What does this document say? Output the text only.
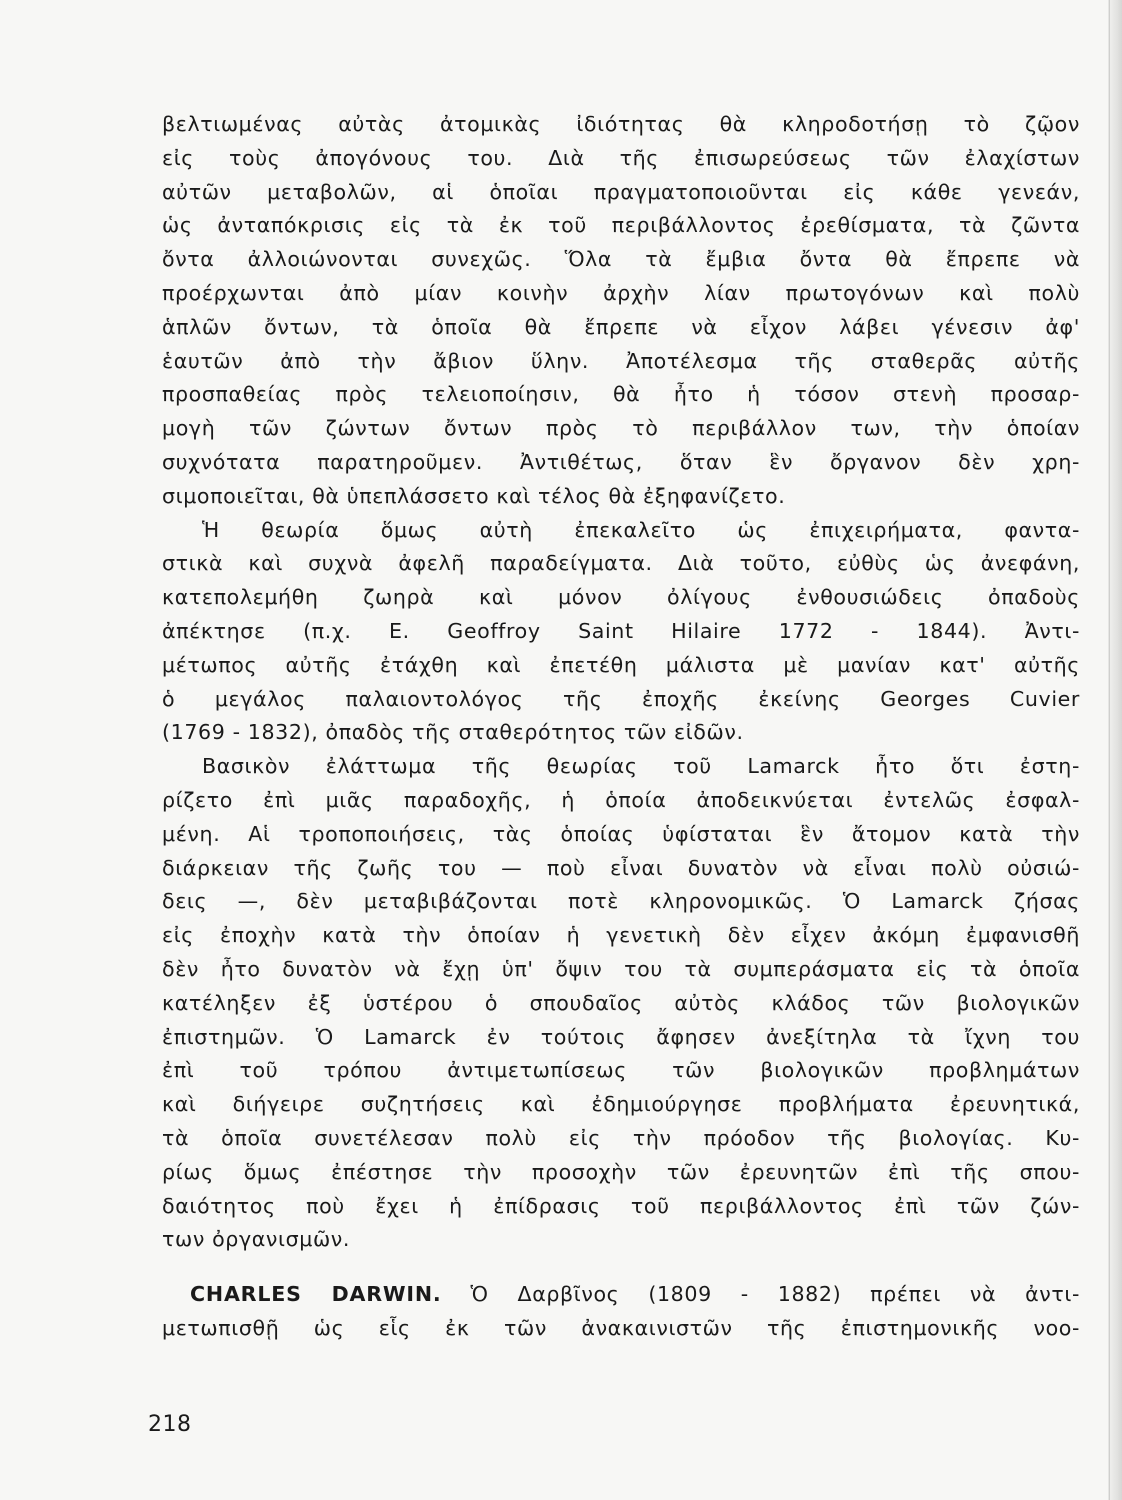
βελτιωμένας αὐτὰς ἀτομικὰς ἰδιότητας θὰ κληροδοτήσῃ τὸ ζῷον
εἰς τοὺς ἀπογόνους του. Διὰ τῆς ἐπισωρεύσεως τῶν ἐλαχίστων
αὐτῶν μεταβολῶν, αἱ ὁποῖαι πραγματοποιοῦνται εἰς κάθε γενεάν,
ὡς ἀνταπόκρισις εἰς τὰ ἐκ τοῦ περιβάλλοντος ἐρεθίσματα, τὰ ζῶντα
ὄντα ἀλλοιώνονται συνεχῶς. Ὅλα τὰ ἔμβια ὄντα θὰ ἔπρεπε νὰ
προέρχωνται ἀπὸ μίαν κοινὴν ἀρχὴν λίαν πρωτογόνων καὶ πολὺ
ἁπλῶν ὄντων, τὰ ὁποῖα θὰ ἔπρεπε νὰ εἶχον λάβει γένεσιν ἀφ'
ἑαυτῶν ἀπὸ τὴν ἄβιον ὕλην. Ἀποτέλεσμα τῆς σταθερᾶς αὐτῆς
προσπαθείας πρὸς τελειοποίησιν, θὰ ἦτο ἡ τόσον στενὴ προσαρ-
μογὴ τῶν ζώντων ὄντων πρὸς τὸ περιβάλλον των, τὴν ὁποίαν
συχνότατα παρατηροῦμεν. Ἀντιθέτως, ὅταν ἓν ὄργανον δὲν χρη-
σιμοποιεῖται, θὰ ὑπεπλάσσετο καὶ τέλος θὰ ἐξηφανίζετο.
Ἡ θεωρία ὅμως αὐτὴ ἐπεκαλεῖτο ὡς ἐπιχειρήματα, φαντα-
στικὰ καὶ συχνὰ ἀφελῆ παραδείγματα. Διὰ τοῦτο, εὐθὺς ὡς ἀνεφάνη,
κατεπολεμήθη ζωηρὰ καὶ μόνον ὀλίγους ἐνθουσιώδεις ὀπαδοὺς
ἀπέκτησε (π.χ. E. Geoffroy Saint Hilaire 1772 - 1844). Ἀντι-
μέτωπος αὐτῆς ἐτάχθη καὶ ἐπετέθη μάλιστα μὲ μανίαν κατ' αὐτῆς
ὁ μεγάλος παλαιοντολόγος τῆς ἐποχῆς ἐκείνης Georges Cuvier
(1769 - 1832), ὀπαδὸς τῆς σταθερότητος τῶν εἰδῶν.
Βασικὸν ἐλάττωμα τῆς θεωρίας τοῦ Lamarck ἦτο ὅτι ἐστη-
ρίζετο ἐπὶ μιᾶς παραδοχῆς, ἡ ὁποία ἀποδεικνύεται ἐντελῶς ἐσφαλ-
μένη. Αἱ τροποποιήσεις, τὰς ὁποίας ὑφίσταται ἓν ἄτομον κατὰ τὴν
διάρκειαν τῆς ζωῆς του — ποὺ εἶναι δυνατὸν νὰ εἶναι πολὺ οὐσιώ-
δεις —, δὲν μεταβιβάζονται ποτὲ κληρονομικῶς. Ὁ Lamarck ζήσας
εἰς ἐποχὴν κατὰ τὴν ὁποίαν ἡ γενετικὴ δὲν εἶχεν ἀκόμη ἐμφανισθῆ
δὲν ἦτο δυνατὸν νὰ ἔχῃ ὑπ' ὄψιν του τὰ συμπεράσματα εἰς τὰ ὁποῖα
κατέληξεν ἐξ ὑστέρου ὁ σπουδαῖος αὐτὸς κλάδος τῶν βιολογικῶν
ἐπιστημῶν. Ὁ Lamarck ἐν τούτοις ἄφησεν ἀνεξίτηλα τὰ ἴχνη του
ἐπὶ τοῦ τρόπου ἀντιμετωπίσεως τῶν βιολογικῶν προβλημάτων
καὶ διήγειρε συζητήσεις καὶ ἐδημιούργησε προβλήματα ἐρευνητικά,
τὰ ὁποῖα συνετέλεσαν πολὺ εἰς τὴν πρόοδον τῆς βιολογίας. Κυ-
ρίως ὅμως ἐπέστησε τὴν προσοχὴν τῶν ἐρευνητῶν ἐπὶ τῆς σπου-
δαιότητος ποὺ ἔχει ἡ ἐπίδρασις τοῦ περιβάλλοντος ἐπὶ τῶν ζών-
των ὀργανισμῶν.
CHARLES DARWIN. Ὁ Δαρβῖνος (1809 - 1882) πρέπει νὰ ἀντι-
μετωπισθῇ ὡς εἷς ἐκ τῶν ἀνακαινιστῶν τῆς ἐπιστημονικῆς νοο-
218
